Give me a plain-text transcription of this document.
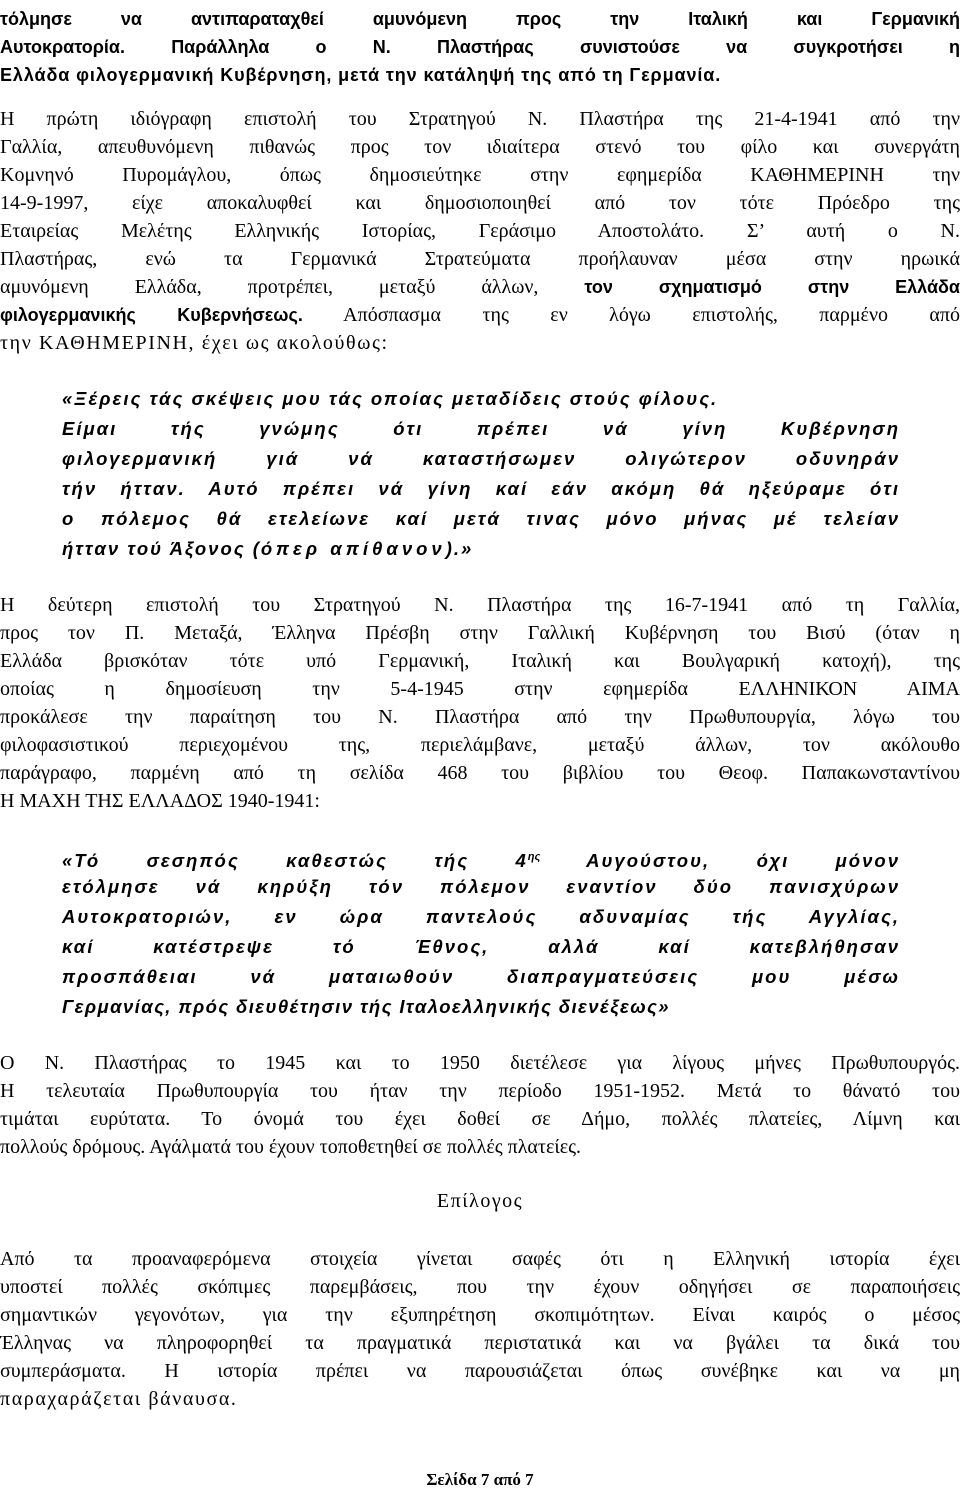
τόλμησε να αντιπαραταχθεί αμυνόμενη προς την Ιταλική και Γερμανική
Αυτοκρατορία. Παράλληλα ο Ν. Πλαστήρας συνιστούσε να συγκροτήσει η
Ελλάδα φιλογερμανική Κυβέρνηση, μετά την κατάληψή της από τη Γερμανία.
Η πρώτη ιδιόγραφη επιστολή του Στρατηγού Ν. Πλαστήρα της 21-4-1941 από την
Γαλλία, απευθυνόμενη πιθανώς προς τον ιδιαίτερα στενό του φίλο και συνεργάτη
Κομνηνό Πυρομάγλου, όπως δημοσιεύτηκε στην εφημερίδα ΚΑΘΗΜΕΡΙΝΗ την
14-9-1997, είχε αποκαλυφθεί και δημοσιοποιηθεί από τον τότε Πρόεδρο της
Εταιρείας Μελέτης Ελληνικής Ιστορίας, Γεράσιμο Αποστολάτο. Σ’ αυτή ο Ν.
Πλαστήρας, ενώ τα Γερμανικά Στρατεύματα προήλαυναν μέσα στην ηρωικά
αμυνόμενη Ελλάδα, προτρέπει, μεταξύ άλλων,	τον σχηματισμό στην Ελλάδα
φιλογερμανικής Κυβερνήσεως. Απόσπασμα της εν λόγω επιστολής, παρμένο από
την ΚΑΘΗΜΕΡΙΝΗ, έχει ως ακολούθως:
«Ξέρεις τάς σκέψεις μου τάς οποίας μεταδίδεις στούς φίλους.
Είμαι τής γνώμης ότι πρέπει νά γίνη Κυβέρνηση
φιλογερμανική γιά νά καταστήσωμεν ολιγώτερον οδυνηράν
τήν ήτταν. Αυτό πρέπει νά γίνη καί εάν ακόμη θά ηξεύραμε ότι
ο πόλεμος θά ετελείωνε καί μετά τινας μόνο μήνας μέ τελείαν
ήτταν τού Άξονος (όπερ απίθανον).»
Η δεύτερη επιστολή του Στρατηγού Ν. Πλαστήρα της 16-7-1941 από τη Γαλλία,
προς τον Π. Μεταξά, Έλληνα Πρέσβη στην Γαλλική Κυβέρνηση του Βισύ (όταν η
Ελλάδα βρισκόταν τότε υπό Γερμανική, Ιταλική και Βουλγαρική κατοχή), της
οποίας η δημοσίευση την 5-4-1945 στην εφημερίδα ΕΛΛΗΝΙΚΟΝ ΑΙΜΑ
προκάλεσε την παραίτηση του Ν. Πλαστήρα από την Πρωθυπουργία, λόγω του
φιλοφασιστικού περιεχομένου της, περιελάμβανε, μεταξύ άλλων, τον ακόλουθο
παράγραφο, παρμένη από τη σελίδα 468 του βιβλίου του Θεοφ. Παπακωνσταντίνου
Η ΜΑΧΗ ΤΗΣ ΕΛΛΑΔΟΣ 1940-1941:
«Τό σεσηπός καθεστώς τής $4^{\eta\varsigma}$ Αυγούστου, όχι μόνον
ετόλμησε νά κηρύξη τόν πόλεμον εναντίον δύο πανισχύρων
Αυτοκρατοριών, εν ώρα παντελούς αδυναμίας τής Αγγλίας,
καί κατέστρεψε τό Έθνος, αλλά καί κατεβλήθησαν
προσπάθειαι νά ματαιωθούν διαπραγματεύσεις μου μέσω
Γερμανίας, πρός διευθέτησιν τής Ιταλοελληνικής διενέξεως»
Ο Ν. Πλαστήρας το 1945 και το 1950 διετέλεσε για λίγους μήνες Πρωθυπουργός.
Η τελευταία Πρωθυπουργία του ήταν την περίοδο 1951-1952. Μετά το θάνατό του
τιμάται ευρύτατα. Το όνομά του έχει δοθεί σε Δήμο, πολλές πλατείες, Λίμνη και
πολλούς δρόμους. Αγάλματά του έχουν τοποθετηθεί σε πολλές πλατείες.
Επίλογος
Από τα προαναφερόμενα στοιχεία γίνεται σαφές ότι η Ελληνική ιστορία έχει
υποστεί πολλές σκόπιμες παρεμβάσεις, που την έχουν οδηγήσει σε παραποιήσεις
σημαντικών γεγονότων, για την εξυπηρέτηση σκοπιμότητων. Είναι καιρός ο μέσος
Έλληνας να πληροφορηθεί τα πραγματικά περιστατικά και να βγάλει τα δικά του
συμπεράσματα. Η ιστορία πρέπει να παρουσιάζεται όπως συνέβηκε και να μη
παραχαράζεται βάναυσα.
Σελίδα 7 από 7
